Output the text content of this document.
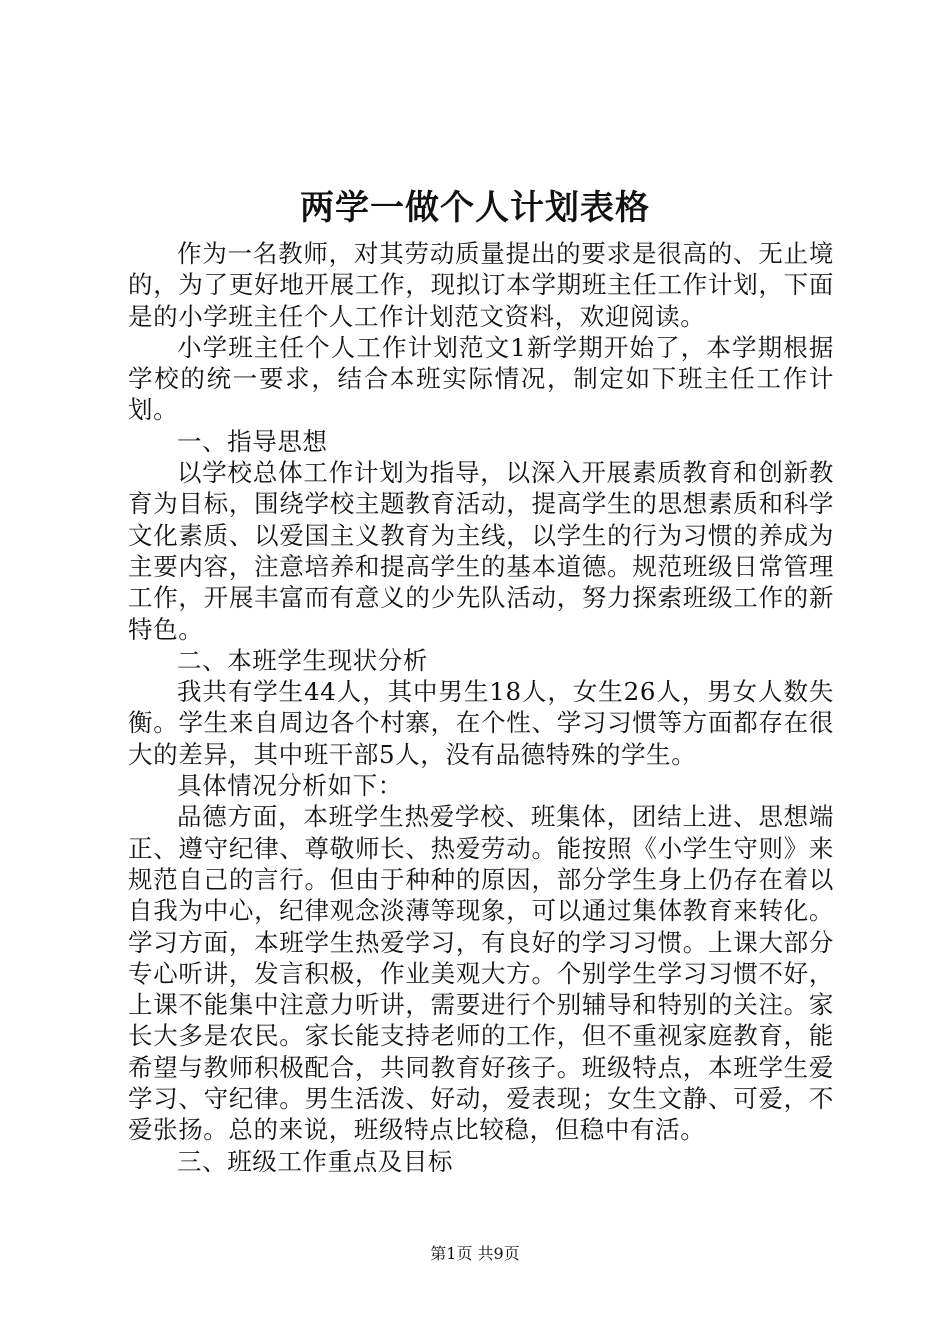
两学一做个人计划表格

作为一名教师，对其劳动质量提出的要求是很高的、无止境的，为了更好地开展工作，现拟订本学期班主任工作计划，下面是的小学班主任个人工作计划范文资料，欢迎阅读。

小学班主任个人工作计划范文1新学期开始了，本学期根据学校的统一要求，结合本班实际情况，制定如下班主任工作计划。

一、指导思想

以学校总体工作计划为指导，以深入开展素质教育和创新教育为目标，围绕学校主题教育活动，提高学生的思想素质和科学文化素质、以爱国主义教育为主线，以学生的行为习惯的养成为主要内容，注意培养和提高学生的基本道德。规范班级日常管理工作，开展丰富而有意义的少先队活动，努力探索班级工作的新特色。

二、本班学生现状分析

我共有学生44人，其中男生18人，女生26人，男女人数失衡。学生来自周边各个村寨，在个性、学习习惯等方面都存在很大的差异，其中班干部5人，没有品德特殊的学生。

具体情况分析如下：

品德方面，本班学生热爱学校、班集体，团结上进、思想端正、遵守纪律、尊敬师长、热爱劳动。能按照《小学生守则》来规范自己的言行。但由于种种的原因，部分学生身上仍存在着以自我为中心，纪律观念淡薄等现象，可以通过集体教育来转化。学习方面，本班学生热爱学习，有良好的学习习惯。上课大部分专心听讲，发言积极，作业美观大方。个别学生学习习惯不好，上课不能集中注意力听讲，需要进行个别辅导和特别的关注。家长大多是农民。家长能支持老师的工作，但不重视家庭教育，能希望与教师积极配合，共同教育好孩子。班级特点，本班学生爱学习、守纪律。男生活泼、好动，爱表现；女生文静、可爱，不爱张扬。总的来说，班级特点比较稳，但稳中有活。

三、班级工作重点及目标

第1页 共9页
